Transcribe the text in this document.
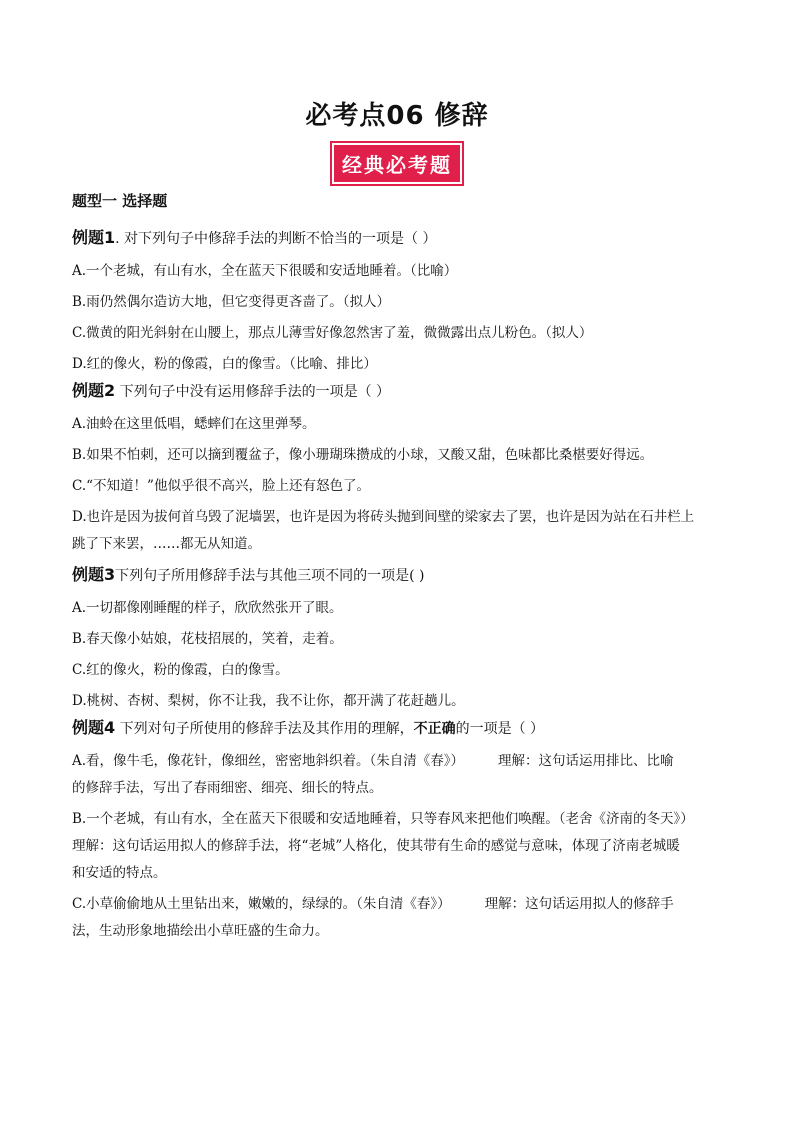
必考点06 修辞
经典必考题
题型一 选择题
例题1. 对下列句子中修辞手法的判断不恰当的一项是（ ）
A.一个老城，有山有水，全在蓝天下很暖和安适地睡着。（比喻）
B.雨仍然偶尔造访大地，但它变得更吝啬了。（拟人）
C.微黄的阳光斜射在山腰上，那点儿薄雪好像忽然害了羞，微微露出点儿粉色。（拟人）
D.红的像火，粉的像霞，白的像雪。（比喻、排比）
例题2 下列句子中没有运用修辞手法的一项是（ ）
A.油蛉在这里低唱，蟋蟀们在这里弹琴。
B.如果不怕刺，还可以摘到覆盆子，像小珊瑚珠攒成的小球，又酸又甜，色味都比桑椹要好得远。
C.“不知道！”他似乎很不高兴，脸上还有怒色了。
D.也许是因为拔何首乌毁了泥墙罢，也许是因为将砖头抛到间壁的梁家去了罢，也许是因为站在石井栏上
跳了下来罢，……都无从知道。
例题3下列句子所用修辞手法与其他三项不同的一项是( )
A.一切都像刚睡醒的样子，欣欣然张开了眼。
B.春天像小姑娘，花枝招展的，笑着，走着。
C.红的像火，粉的像霞，白的像雪。
D.桃树、杏树、梨树，你不让我，我不让你，都开满了花赶趟儿。
例题4 下列对句子所使用的修辞手法及其作用的理解，不正确的一项是（ ）
A.看，像牛毛，像花针，像细丝，密密地斜织着。（朱自清《春》）	理解：这句话运用排比、比喻
的修辞手法，写出了春雨细密、细亮、细长的特点。
B.一个老城，有山有水，全在蓝天下很暖和安适地睡着，只等春风来把他们唤醒。（老舍《济南的冬天》）
理解：这句话运用拟人的修辞手法，将“老城”人格化，使其带有生命的感觉与意味，体现了济南老城暖
和安适的特点。
C.小草偷偷地从土里钻出来，嫩嫩的，绿绿的。（朱自清《春》）	理解：这句话运用拟人的修辞手
法，生动形象地描绘出小草旺盛的生命力。
